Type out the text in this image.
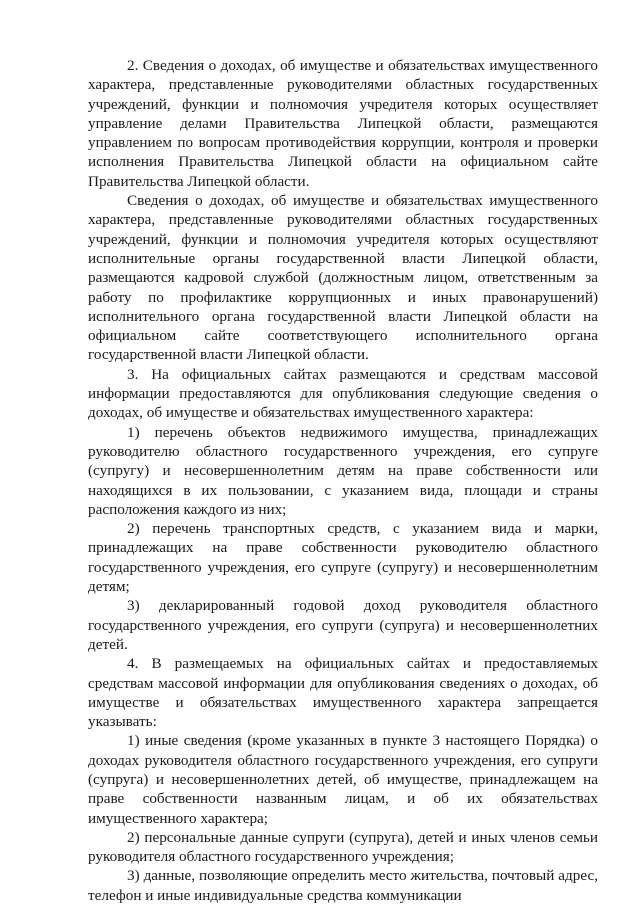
2. Сведения о доходах, об имуществе и обязательствах имущественного характера, представленные руководителями областных государственных учреждений, функции и полномочия учредителя которых осуществляет управление делами Правительства Липецкой области, размещаются управлением по вопросам противодействия коррупции, контроля и проверки исполнения Правительства Липецкой области на официальном сайте Правительства Липецкой области.

Сведения о доходах, об имуществе и обязательствах имущественного характера, представленные руководителями областных государственных учреждений, функции и полномочия учредителя которых осуществляют исполнительные органы государственной власти Липецкой области, размещаются кадровой службой (должностным лицом, ответственным за работу по профилактике коррупционных и иных правонарушений) исполнительного органа государственной власти Липецкой области на официальном сайте соответствующего исполнительного органа государственной власти Липецкой области.

3. На официальных сайтах размещаются и средствам массовой информации предоставляются для опубликования следующие сведения о доходах, об имуществе и обязательствах имущественного характера:

1) перечень объектов недвижимого имущества, принадлежащих руководителю областного государственного учреждения, его супруге (супругу) и несовершеннолетним детям на праве собственности или находящихся в их пользовании, с указанием вида, площади и страны расположения каждого из них;

2) перечень транспортных средств, с указанием вида и марки, принадлежащих на праве собственности руководителю областного государственного учреждения, его супруге (супругу) и несовершеннолетним детям;

3) декларированный годовой доход руководителя областного государственного учреждения, его супруги (супруга) и несовершеннолетних детей.

4. В размещаемых на официальных сайтах и предоставляемых средствам массовой информации для опубликования сведениях о доходах, об имуществе и обязательствах имущественного характера запрещается указывать:

1) иные сведения (кроме указанных в пункте 3 настоящего Порядка) о доходах руководителя областного государственного учреждения, его супруги (супруга) и несовершеннолетних детей, об имуществе, принадлежащем на праве собственности названным лицам, и об их обязательствах имущественного характера;

2) персональные данные супруги (супруга), детей и иных членов семьи руководителя областного государственного учреждения;

3) данные, позволяющие определить место жительства, почтовый адрес, телефон и иные индивидуальные средства коммуникации
